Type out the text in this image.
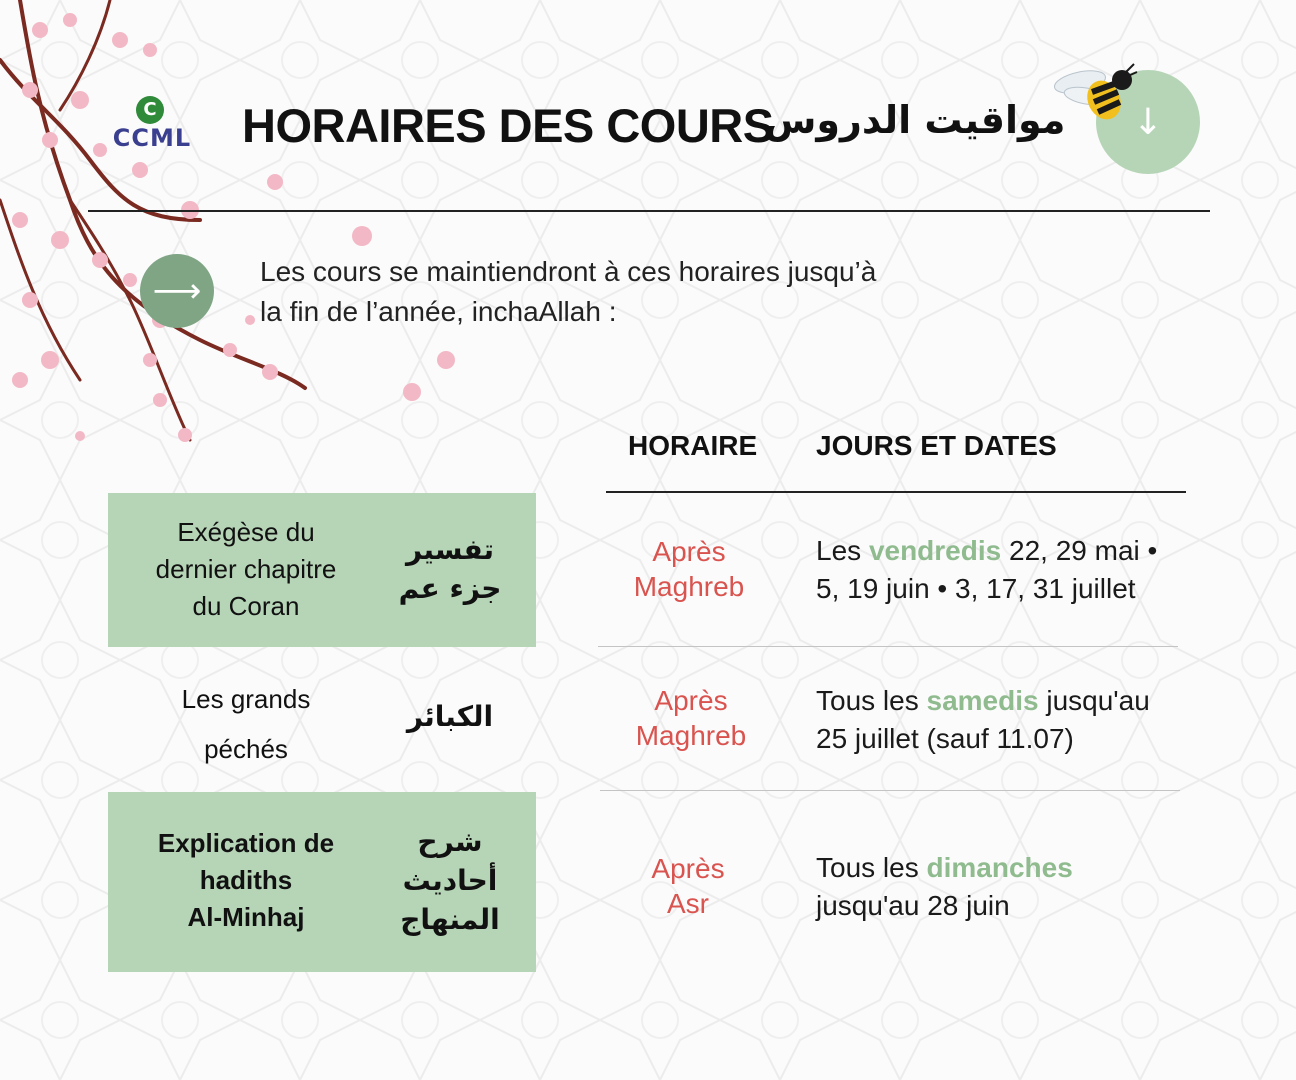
C
CCML HORAIRES DES COURS
مواقيت الدروس ↓
⟶ Les cours se maintiendront à ces horaires jusqu’à
la fin de l’année, inchaAllah :
HORAIRE JOURS ET DATES
Exégèse du
dernier chapitre
du Coran
تفسير
جزء عم
Après
Maghreb
Les vendredis 22, 29 mai •
5, 19 juin • 3, 17, 31 juillet
Les grands
péchés
الكبائر	Après
Maghreb
Tous les samedis jusqu'au
25 juillet (sauf 11.07)
Explication de
hadiths
Al-Minhaj
شرح
أحاديث
المنهاج
Après
Asr
Tous les dimanches
jusqu'au 28 juin
